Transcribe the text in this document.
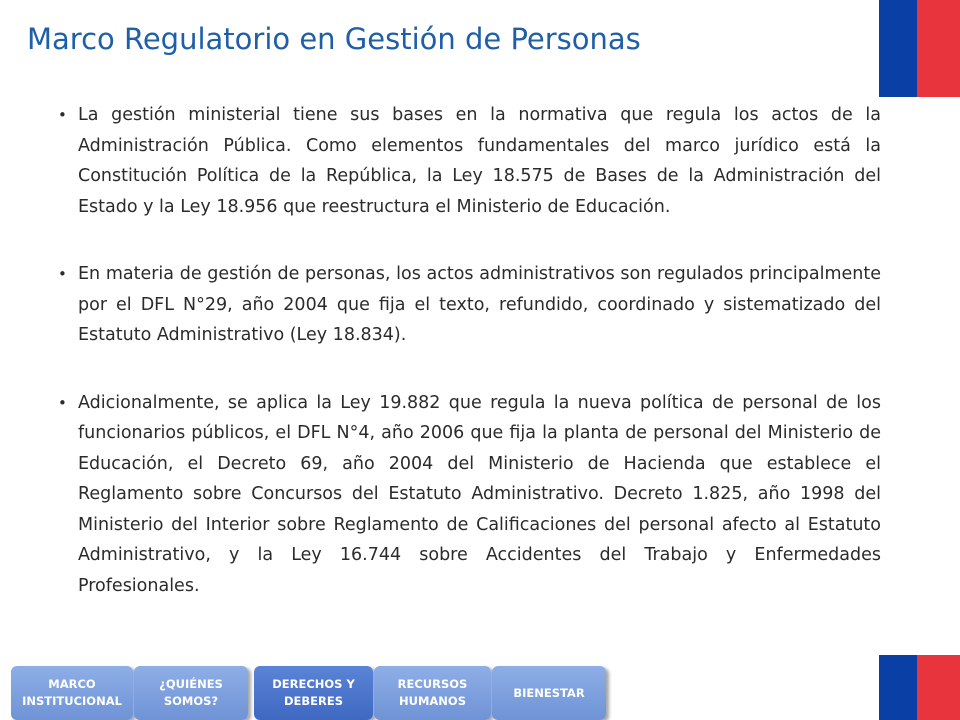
Marco Regulatorio en Gestión de Personas
• La gestión ministerial tiene sus bases en la normativa que regula los actos de la Administración Pública. Como elementos fundamentales del marco jurídico está la Constitución Política de la República, la Ley 18.575 de Bases de la Administración del Estado y la Ley 18.956 que reestructura el Ministerio de Educación.
• En materia de gestión de personas, los actos administrativos son regulados principalmente por el DFL N°29, año 2004 que fija el texto, refundido, coordinado y sistematizado del Estatuto Administrativo (Ley 18.834).
• Adicionalmente, se aplica la Ley 19.882 que regula la nueva política de personal de los funcionarios públicos, el DFL N°4, año 2006 que fija la planta de personal del Ministerio de Educación, el Decreto 69, año 2004 del Ministerio de Hacienda que establece el Reglamento sobre Concursos del Estatuto Administrativo. Decreto 1.825, año 1998 del Ministerio del Interior sobre Reglamento de Calificaciones del personal afecto al Estatuto Administrativo, y la Ley 16.744 sobre Accidentes del Trabajo y Enfermedades Profesionales.
MARCO
INSTITUCIONAL
¿QUIÉNES
SOMOS?
DERECHOS Y
DEBERES
RECURSOS
HUMANOS
BIENESTAR
